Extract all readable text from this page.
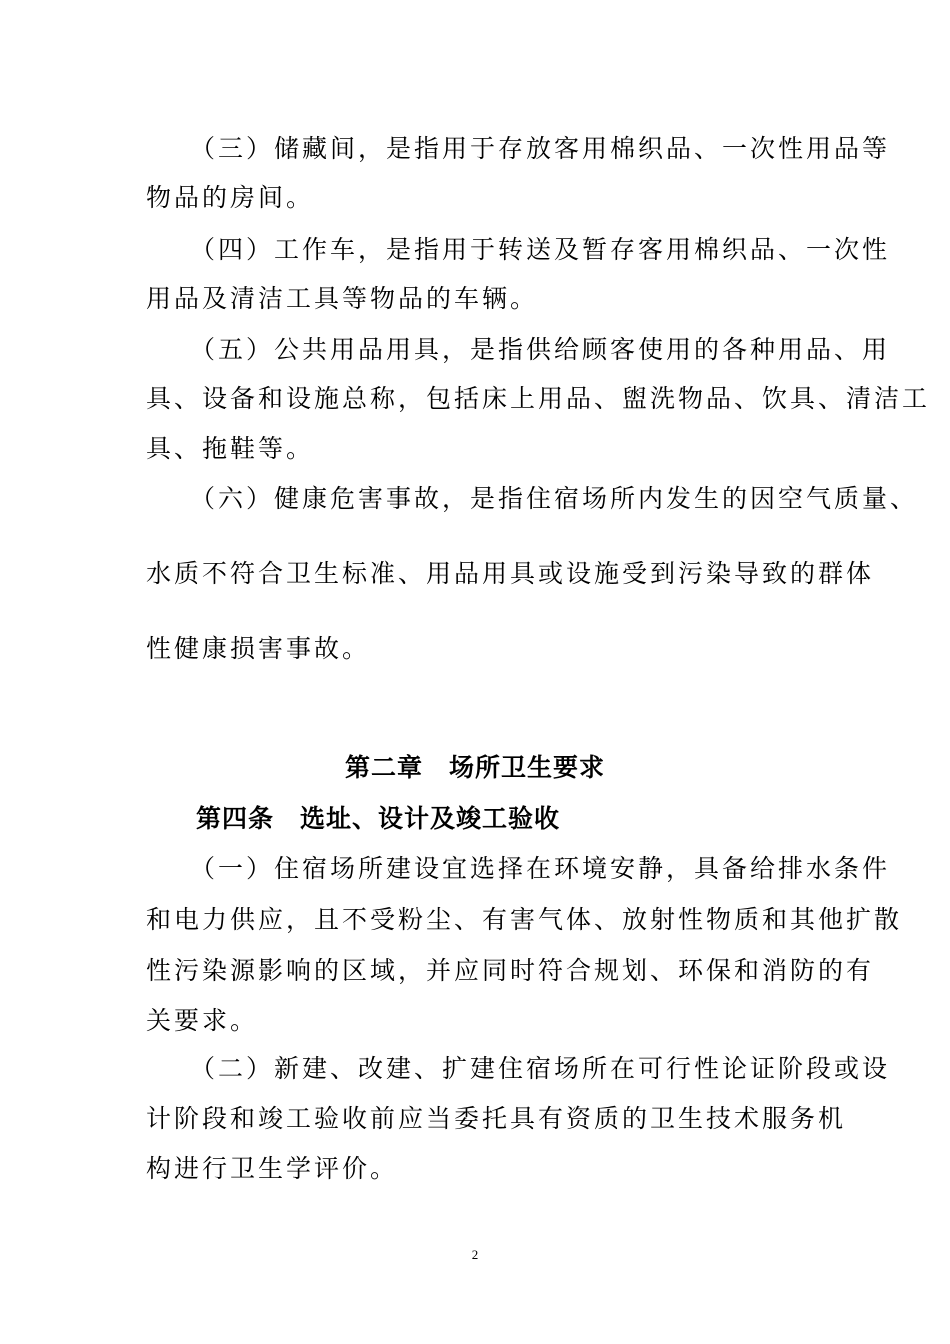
（三）储藏间，是指用于存放客用棉织品、一次性用品等
物品的房间。
（四）工作车，是指用于转送及暂存客用棉织品、一次性
用品及清洁工具等物品的车辆。
（五）公共用品用具，是指供给顾客使用的各种用品、用
具、设备和设施总称，包括床上用品、盥洗物品、饮具、清洁工
具、拖鞋等。
（六）健康危害事故，是指住宿场所内发生的因空气质量、
水质不符合卫生标准、用品用具或设施受到污染导致的群体
性健康损害事故。
第二章　场所卫生要求
第四条　选址、设计及竣工验收
（一）住宿场所建设宜选择在环境安静，具备给排水条件
和电力供应，且不受粉尘、有害气体、放射性物质和其他扩散
性污染源影响的区域，并应同时符合规划、环保和消防的有
关要求。
（二）新建、改建、扩建住宿场所在可行性论证阶段或设
计阶段和竣工验收前应当委托具有资质的卫生技术服务机
构进行卫生学评价。
2
